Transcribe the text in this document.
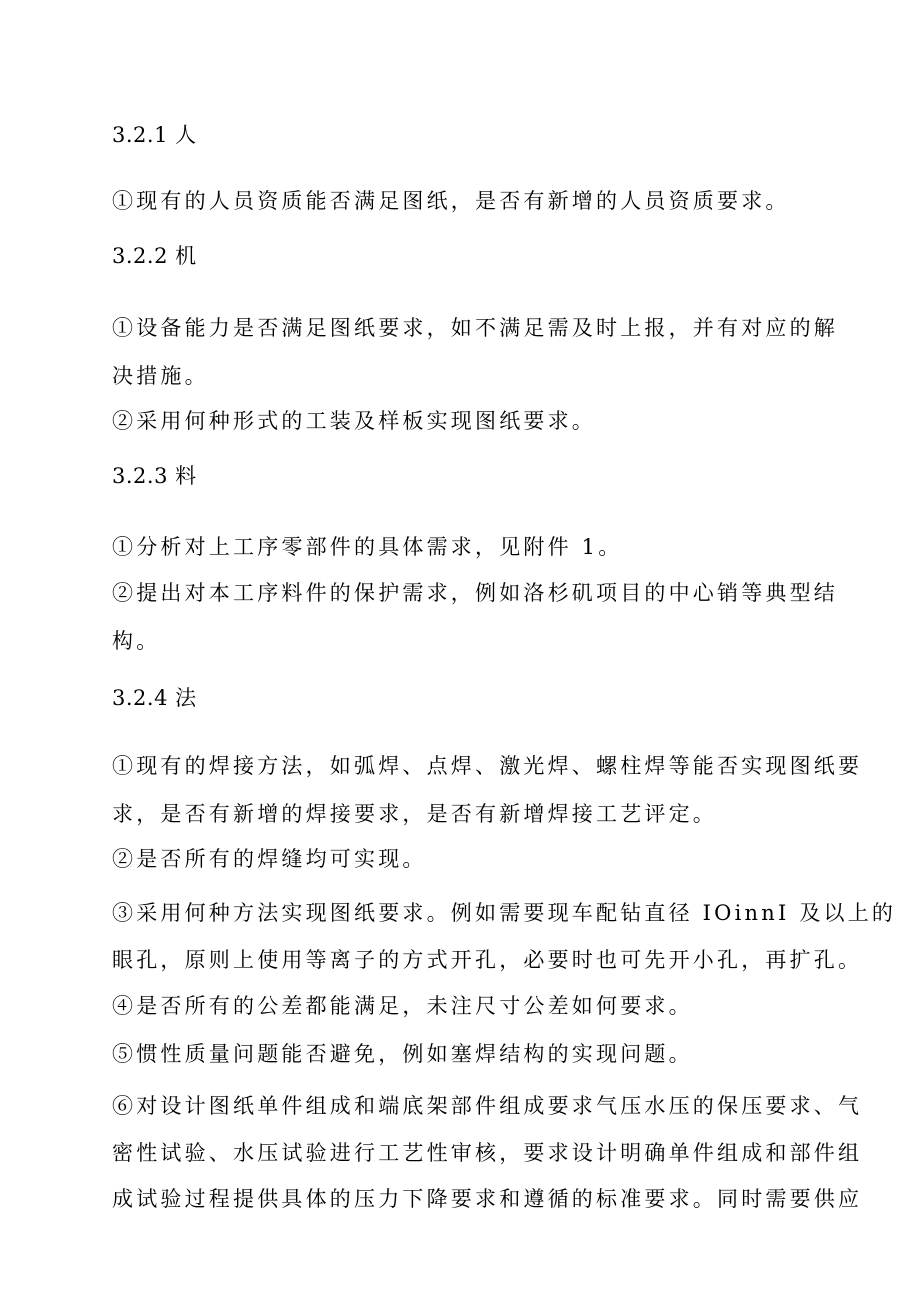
3.2.1 人
①现有的人员资质能否满足图纸，是否有新增的人员资质要求。
3.2.2 机
①设备能力是否满足图纸要求，如不满足需及时上报，并有对应的解
决措施。
②采用何种形式的工装及样板实现图纸要求。
3.2.3 料
①分析对上工序零部件的具体需求，见附件 1。
②提出对本工序料件的保护需求，例如洛杉矶项目的中心销等典型结
构。
3.2.4 法
①现有的焊接方法，如弧焊、点焊、激光焊、螺柱焊等能否实现图纸要
求，是否有新增的焊接要求，是否有新增焊接工艺评定。
②是否所有的焊缝均可实现。
③采用何种方法实现图纸要求。例如需要现车配钻直径 IOinnI 及以上的
眼孔，原则上使用等离子的方式开孔，必要时也可先开小孔，再扩孔。
④是否所有的公差都能满足，未注尺寸公差如何要求。
⑤惯性质量问题能否避免，例如塞焊结构的实现问题。
⑥对设计图纸单件组成和端底架部件组成要求气压水压的保压要求、气
密性试验、水压试验进行工艺性审核，要求设计明确单件组成和部件组
成试验过程提供具体的压力下降要求和遵循的标准要求。同时需要供应
